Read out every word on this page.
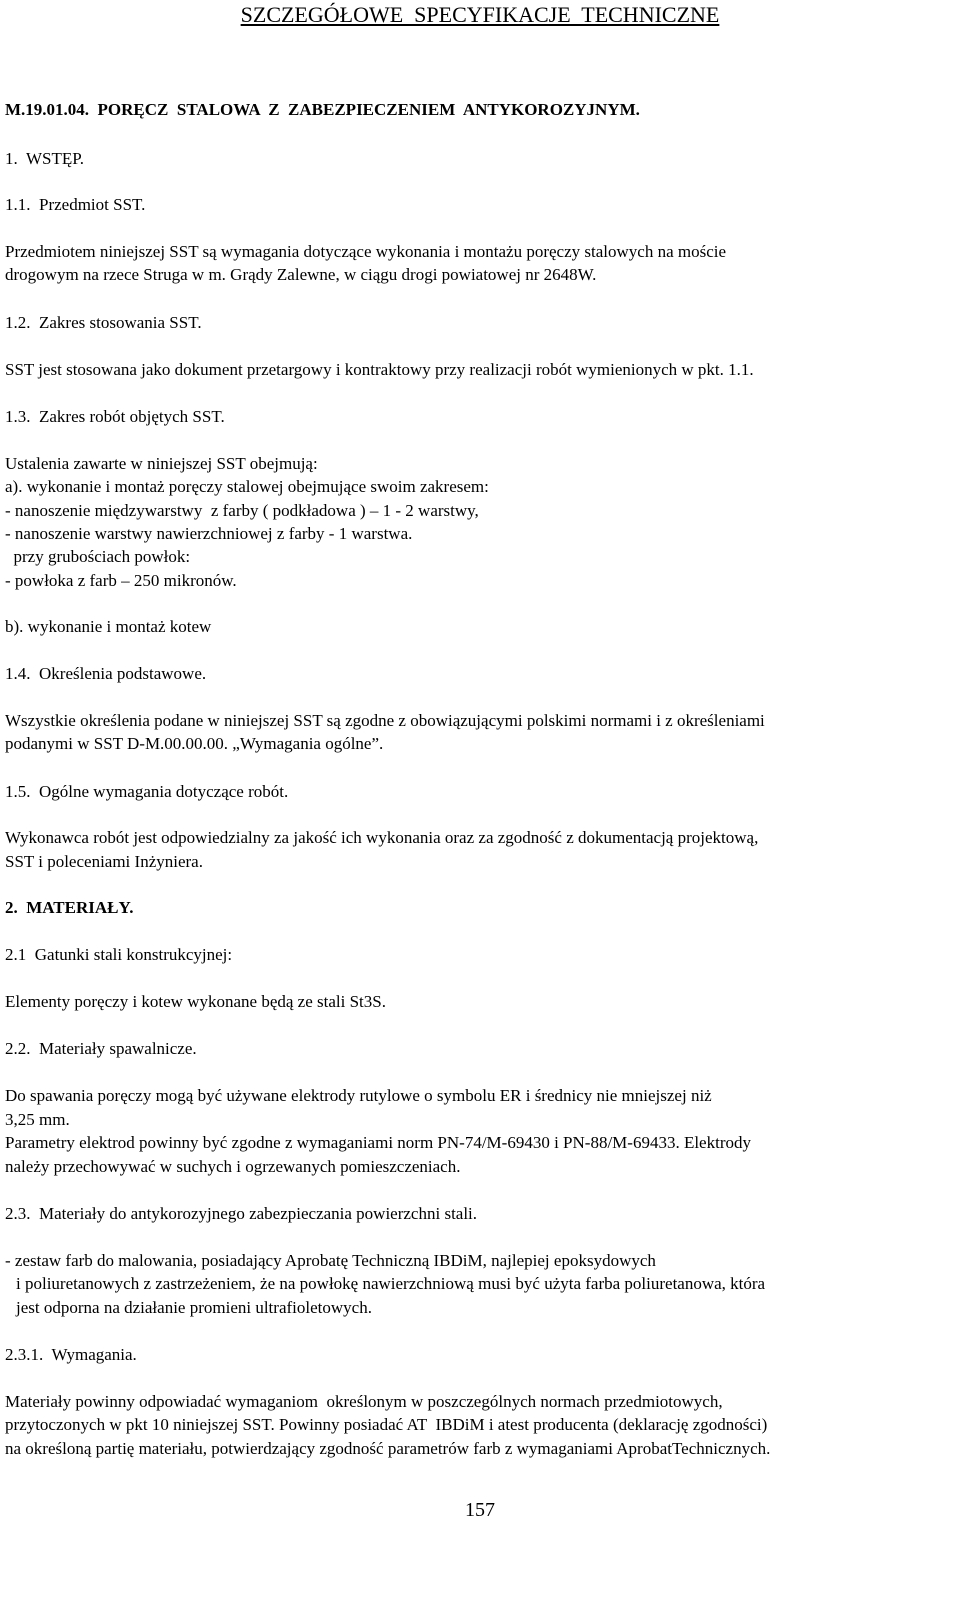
SZCZEGÓŁOWE  SPECYFIKACJE  TECHNICZNE
M.19.01.04.  PORĘCZ  STALOWA  Z  ZABEZPIECZENIEM  ANTYKOROZYJNYM.
1.  WSTĘP.
1.1.  Przedmiot SST.
Przedmiotem niniejszej SST są wymagania dotyczące wykonania i montażu poręczy stalowych na moście
drogowym na rzece Struga w m. Grądy Zalewne, w ciągu drogi powiatowej nr 2648W.
1.2.  Zakres stosowania SST.
SST jest stosowana jako dokument przetargowy i kontraktowy przy realizacji robót wymienionych w pkt. 1.1.
1.3.  Zakres robót objętych SST.
Ustalenia zawarte w niniejszej SST obejmują:
a). wykonanie i montaż poręczy stalowej obejmujące swoim zakresem:
- nanoszenie międzywarstwy  z farby ( podkładowa ) – 1 - 2 warstwy,
- nanoszenie warstwy nawierzchniowej z farby - 1 warstwa.
przy grubościach powłok:
- powłoka z farb – 250 mikronów.
b). wykonanie i montaż kotew
1.4.  Określenia podstawowe.
Wszystkie określenia podane w niniejszej SST są zgodne z obowiązującymi polskimi normami i z określeniami
podanymi w SST D-M.00.00.00. „Wymagania ogólne”.
1.5.  Ogólne wymagania dotyczące robót.
Wykonawca robót jest odpowiedzialny za jakość ich wykonania oraz za zgodność z dokumentacją projektową,
SST i poleceniami Inżyniera.
2.  MATERIAŁY.
2.1  Gatunki stali konstrukcyjnej:
Elementy poręczy i kotew wykonane będą ze stali St3S.
2.2.  Materiały spawalnicze.
Do spawania poręczy mogą być używane elektrody rutylowe o symbolu ER i średnicy nie mniejszej niż
3,25 mm.
Parametry elektrod powinny być zgodne z wymaganiami norm PN-74/M-69430 i PN-88/M-69433. Elektrody
należy przechowywać w suchych i ogrzewanych pomieszczeniach.
2.3.  Materiały do antykorozyjnego zabezpieczania powierzchni stali.
- zestaw farb do malowania, posiadający Aprobatę Techniczną IBDiM, najlepiej epoksydowych
i poliuretanowych z zastrzeżeniem, że na powłokę nawierzchniową musi być użyta farba poliuretanowa, która
jest odporna na działanie promieni ultrafioletowych.
2.3.1.  Wymagania.
Materiały powinny odpowiadać wymaganiom  określonym w poszczególnych normach przedmiotowych,
przytoczonych w pkt 10 niniejszej SST. Powinny posiadać AT  IBDiM i atest producenta (deklarację zgodności)
na określoną partię materiału, potwierdzający zgodność parametrów farb z wymaganiami AprobatTechnicznych.
157
